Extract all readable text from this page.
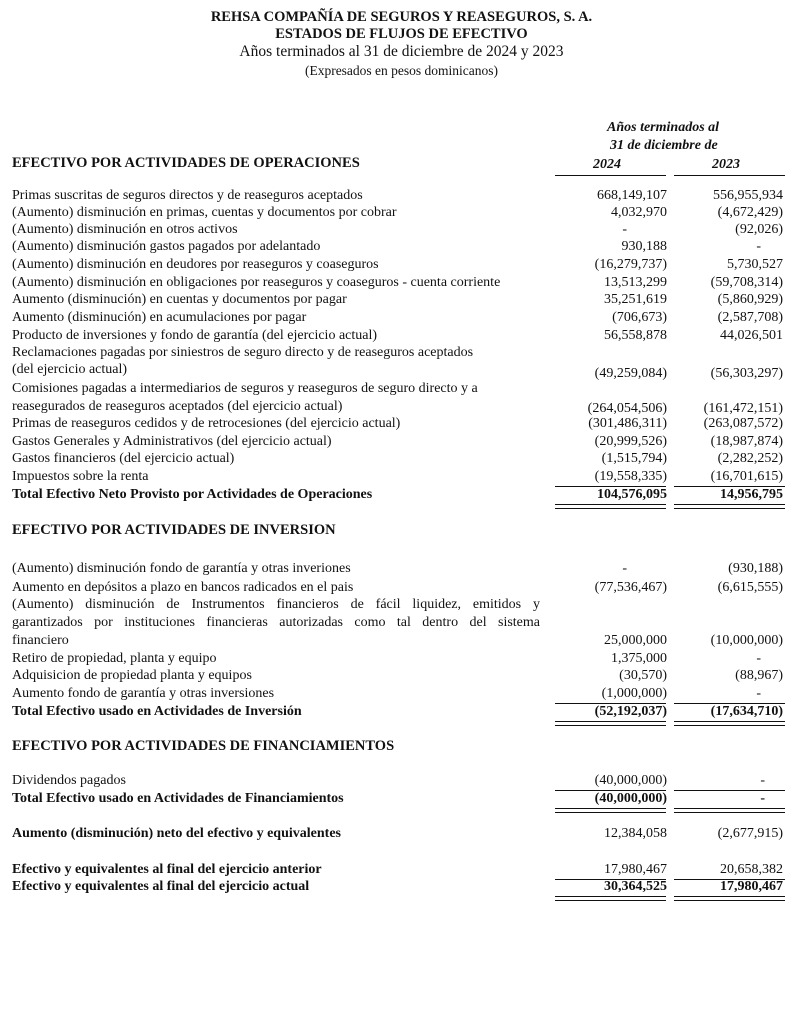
REHSA COMPAÑÍA DE SEGUROS Y REASEGUROS, S. A.
ESTADOS DE FLUJOS DE EFECTIVO
Años terminados al 31 de diciembre de 2024 y 2023
(Expresados en pesos dominicanos)
Años terminados al
31 de diciembre de
2024	2023
EFECTIVO POR ACTIVIDADES DE OPERACIONES
Primas suscritas de seguros directos y de reaseguros aceptados	668,149,107	556,955,934
(Aumento) disminución en primas, cuentas y documentos por cobrar	4,032,970	(4,672,429)
(Aumento) disminución en otros activos	-	(92,026)
(Aumento) disminución gastos pagados por adelantado	930,188	-
(Aumento) disminución en deudores por reaseguros y coaseguros	(16,279,737)	5,730,527
(Aumento) disminución en obligaciones por reaseguros y coaseguros - cuenta corriente	13,513,299	(59,708,314)
Aumento (disminución) en cuentas y documentos por pagar	35,251,619	(5,860,929)
Aumento (disminución) en acumulaciones por pagar	(706,673)	(2,587,708)
Producto de inversiones y fondo de garantía (del ejercicio actual)	56,558,878	44,026,501
Reclamaciones pagadas por siniestros de seguro directo y de reaseguros aceptados
(del ejercicio actual)	(49,259,084)	(56,303,297)
Comisiones pagadas a intermediarios de seguros y reaseguros de seguro directo y a
reasegurados de reaseguros aceptados (del ejercicio actual)	(264,054,506)	(161,472,151)
Primas de reaseguros cedidos y de retrocesiones (del ejercicio actual)	(301,486,311)	(263,087,572)
Gastos Generales y Administrativos (del ejercicio actual)	(20,999,526)	(18,987,874)
Gastos financieros (del ejercicio actual)	(1,515,794)	(2,282,252)
Impuestos sobre la renta	(19,558,335)	(16,701,615)
Total Efectivo Neto Provisto por Actividades de Operaciones	104,576,095	14,956,795
EFECTIVO POR ACTIVIDADES DE INVERSION
(Aumento) disminución fondo de garantía y otras inveriones	-	(930,188)
Aumento en depósitos a plazo en bancos radicados en el pais	(77,536,467)	(6,615,555)
(Aumento) disminución de Instrumentos financieros de fácil liquidez, emitidos y
garantizados por instituciones financieras autorizadas como tal dentro del sistema
financiero	25,000,000	(10,000,000)
Retiro de propiedad, planta y equipo	1,375,000	-
Adquisicion de propiedad planta y equipos	(30,570)	(88,967)
Aumento fondo de garantía y otras inversiones	(1,000,000)	-
Total Efectivo usado en Actividades de Inversión	(52,192,037)	(17,634,710)
EFECTIVO POR ACTIVIDADES DE FINANCIAMIENTOS
Dividendos pagados	(40,000,000)	-
Total Efectivo usado en Actividades de Financiamientos	(40,000,000)	-
Aumento (disminución) neto del efectivo y equivalentes	12,384,058	(2,677,915)
Efectivo y equivalentes al final del ejercicio anterior	17,980,467	20,658,382
Efectivo y equivalentes al final del ejercicio actual	30,364,525	17,980,467
